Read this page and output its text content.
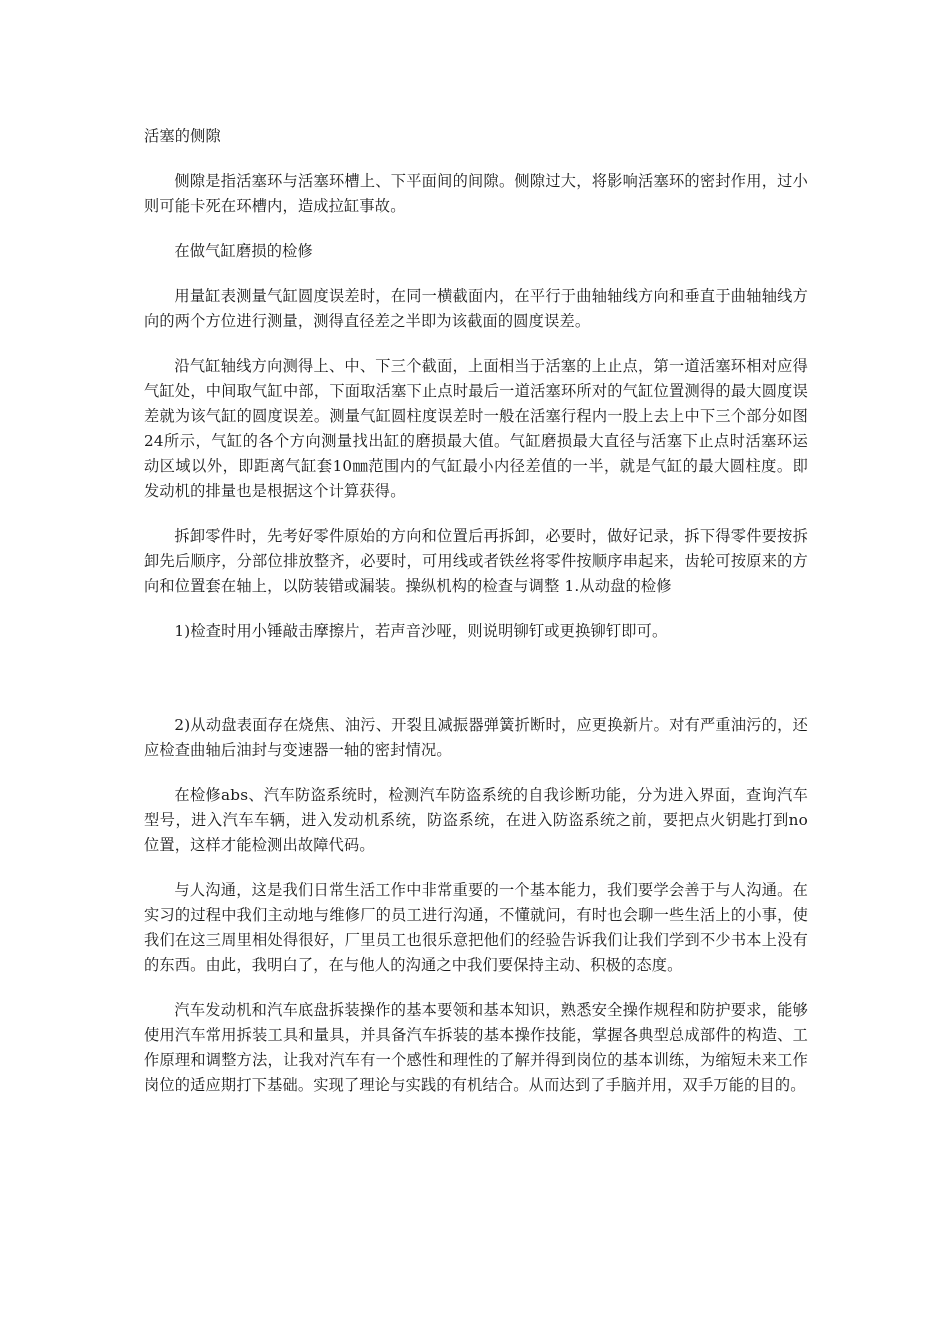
活塞的侧隙

侧隙是指活塞环与活塞环槽上、下平面间的间隙。侧隙过大，将影响活塞环的密封作用，过小则可能卡死在环槽内，造成拉缸事故。

在做气缸磨损的检修

用量缸表测量气缸圆度误差时，在同一横截面内，在平行于曲轴轴线方向和垂直于曲轴轴线方向的两个方位进行测量，测得直径差之半即为该截面的圆度误差。

沿气缸轴线方向测得上、中、下三个截面，上面相当于活塞的上止点，第一道活塞环相对应得气缸处，中间取气缸中部，下面取活塞下止点时最后一道活塞环所对的气缸位置测得的最大圆度误差就为该气缸的圆度误差。测量气缸圆柱度误差时一般在活塞行程内一股上去上中下三个部分如图24所示，气缸的各个方向测量找出缸的磨损最大值。气缸磨损最大直径与活塞下止点时活塞环运动区域以外，即距离气缸套10㎜范围内的气缸最小内径差值的一半，就是气缸的最大圆柱度。即发动机的排量也是根据这个计算获得。

拆卸零件时，先考好零件原始的方向和位置后再拆卸，必要时，做好记录，拆下得零件要按拆卸先后顺序，分部位排放整齐，必要时，可用线或者铁丝将零件按顺序串起来，齿轮可按原来的方向和位置套在轴上，以防装错或漏装。操纵机构的检查与调整 1.从动盘的检修

1)检查时用小锤敲击摩擦片，若声音沙哑，则说明铆钉或更换铆钉即可。

2)从动盘表面存在烧焦、油污、开裂且减振器弹簧折断时，应更换新片。对有严重油污的，还应检查曲轴后油封与变速器一轴的密封情况。

在检修abs、汽车防盗系统时，检测汽车防盗系统的自我诊断功能，分为进入界面，查询汽车型号，进入汽车车辆，进入发动机系统，防盗系统，在进入防盗系统之前，要把点火钥匙打到no位置，这样才能检测出故障代码。

与人沟通，这是我们日常生活工作中非常重要的一个基本能力，我们要学会善于与人沟通。在实习的过程中我们主动地与维修厂的员工进行沟通，不懂就问，有时也会聊一些生活上的小事，使我们在这三周里相处得很好，厂里员工也很乐意把他们的经验告诉我们让我们学到不少书本上没有的东西。由此，我明白了，在与他人的沟通之中我们要保持主动、积极的态度。

汽车发动机和汽车底盘拆装操作的基本要领和基本知识，熟悉安全操作规程和防护要求，能够使用汽车常用拆装工具和量具，并具备汽车拆装的基本操作技能，掌握各典型总成部件的构造、工作原理和调整方法，让我对汽车有一个感性和理性的了解并得到岗位的基本训练，为缩短未来工作岗位的适应期打下基础。实现了理论与实践的有机结合。从而达到了手脑并用，双手万能的目的。
